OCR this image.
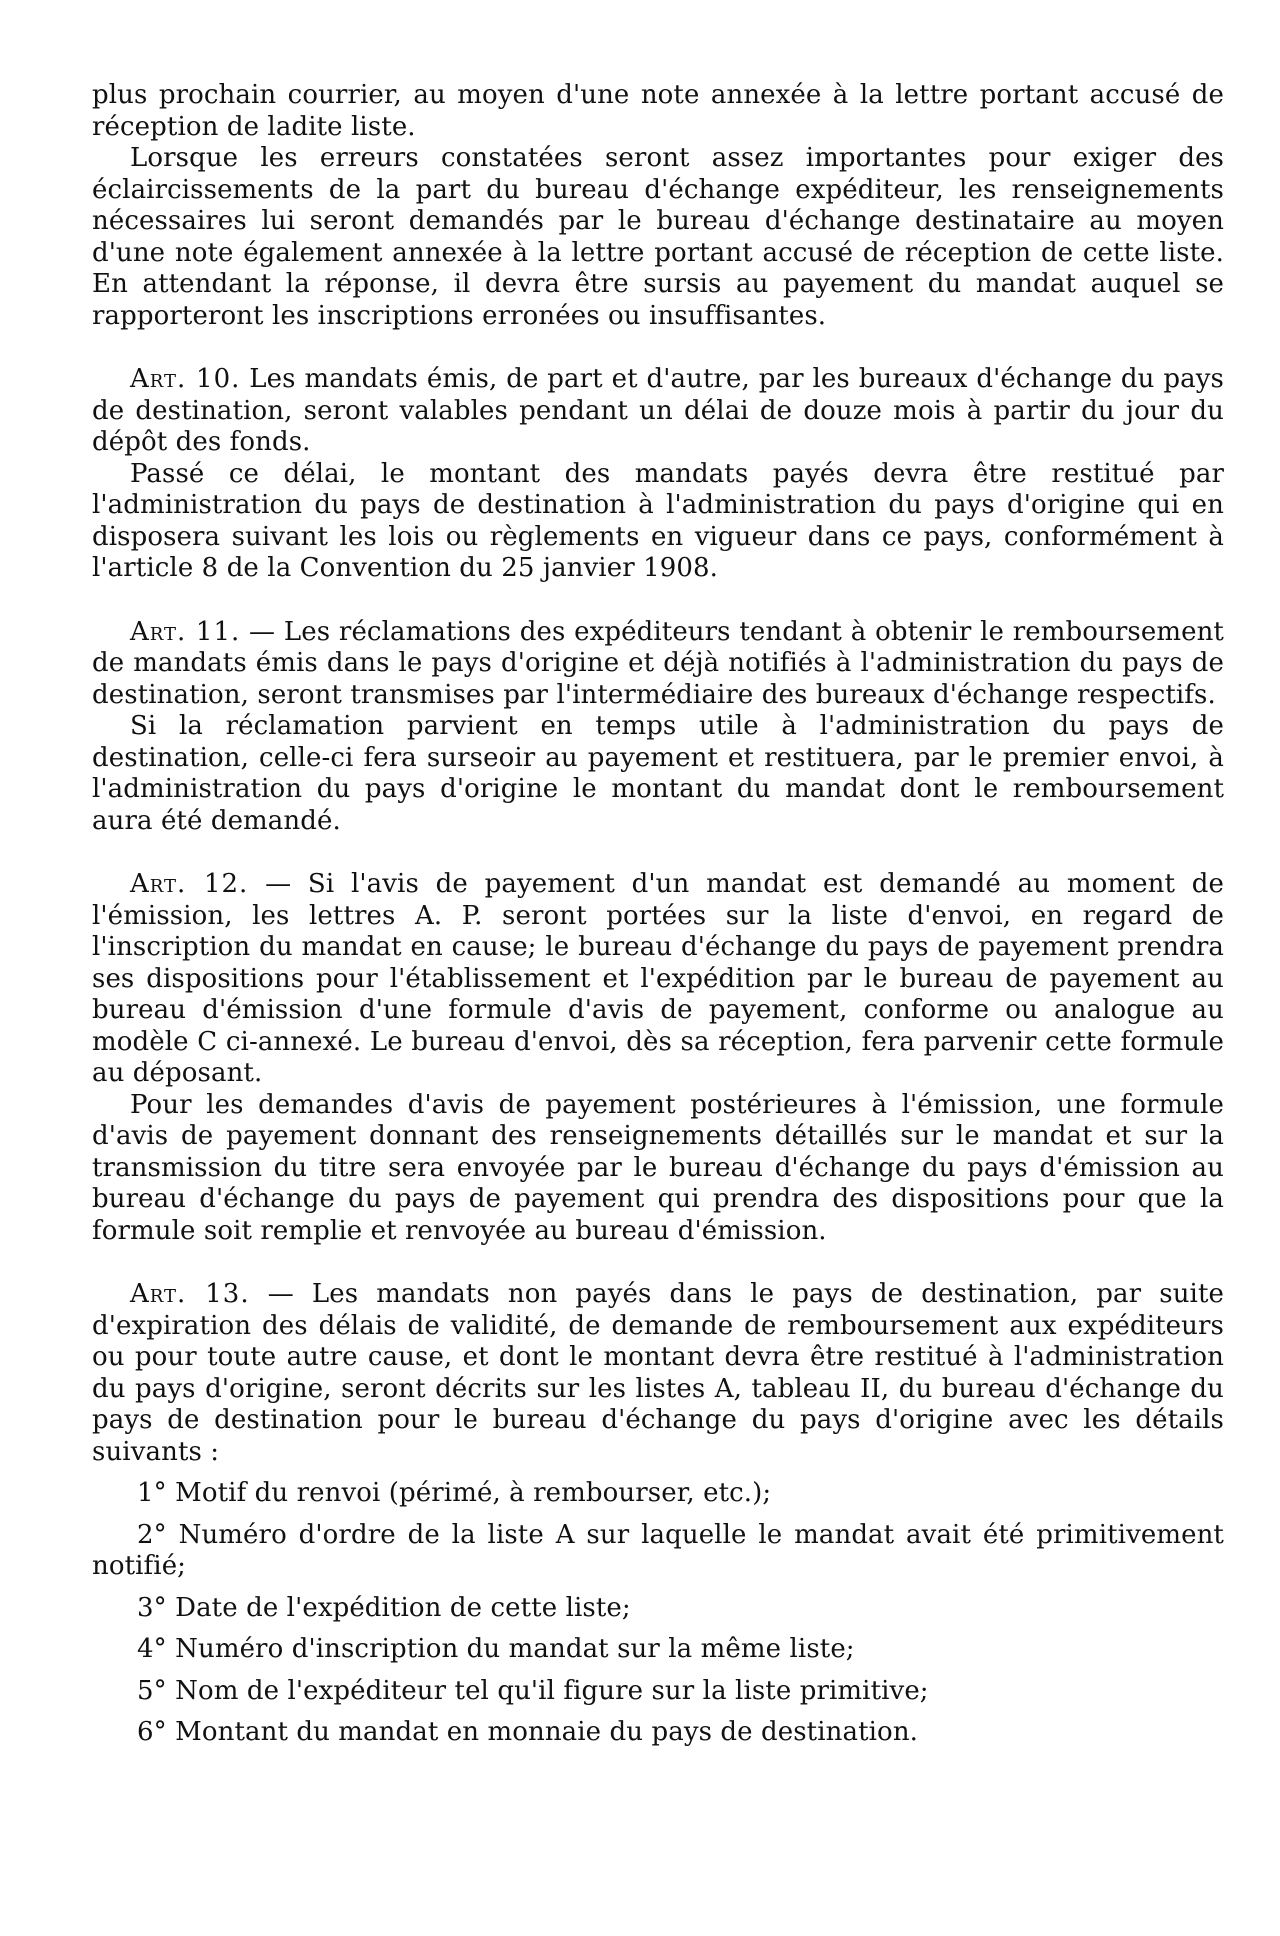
plus prochain courrier, au moyen d'une note annexée à la lettre portant accusé de réception de ladite liste.

Lorsque les erreurs constatées seront assez importantes pour exiger des éclaircissements de la part du bureau d'échange expéditeur, les renseignements nécessaires lui seront demandés par le bureau d'échange destinataire au moyen d'une note également annexée à la lettre portant accusé de réception de cette liste. En attendant la réponse, il devra être sursis au payement du mandat auquel se rapporteront les inscriptions erronées ou insuffisantes.

Art. 10. Les mandats émis, de part et d'autre, par les bureaux d'échange du pays de destination, seront valables pendant un délai de douze mois à partir du jour du dépôt des fonds.

Passé ce délai, le montant des mandats payés devra être restitué par l'administration du pays de destination à l'administration du pays d'origine qui en disposera suivant les lois ou règlements en vigueur dans ce pays, conformément à l'article 8 de la Convention du 25 janvier 1908.

Art. 11. — Les réclamations des expéditeurs tendant à obtenir le remboursement de mandats émis dans le pays d'origine et déjà notifiés à l'administration du pays de destination, seront transmises par l'intermédiaire des bureaux d'échange respectifs.

Si la réclamation parvient en temps utile à l'administration du pays de destination, celle-ci fera surseoir au payement et restituera, par le premier envoi, à l'administration du pays d'origine le montant du mandat dont le remboursement aura été demandé.

Art. 12. — Si l'avis de payement d'un mandat est demandé au moment de l'émission, les lettres A. P. seront portées sur la liste d'envoi, en regard de l'inscription du mandat en cause; le bureau d'échange du pays de payement prendra ses dispositions pour l'établissement et l'expédition par le bureau de payement au bureau d'émission d'une formule d'avis de payement, conforme ou analogue au modèle C ci-annexé. Le bureau d'envoi, dès sa réception, fera parvenir cette formule au déposant.

Pour les demandes d'avis de payement postérieures à l'émission, une formule d'avis de payement donnant des renseignements détaillés sur le mandat et sur la transmission du titre sera envoyée par le bureau d'échange du pays d'émission au bureau d'échange du pays de payement qui prendra des dispositions pour que la formule soit remplie et renvoyée au bureau d'émission.

Art. 13. — Les mandats non payés dans le pays de destination, par suite d'expiration des délais de validité, de demande de remboursement aux expéditeurs ou pour toute autre cause, et dont le montant devra être restitué à l'administration du pays d'origine, seront décrits sur les listes A, tableau II, du bureau d'échange du pays de destination pour le bureau d'échange du pays d'origine avec les détails suivants :

1° Motif du renvoi (périmé, à rembourser, etc.);

2° Numéro d'ordre de la liste A sur laquelle le mandat avait été primitivement notifié;

3° Date de l'expédition de cette liste;

4° Numéro d'inscription du mandat sur la même liste;

5° Nom de l'expéditeur tel qu'il figure sur la liste primitive;

6° Montant du mandat en monnaie du pays de destination.
